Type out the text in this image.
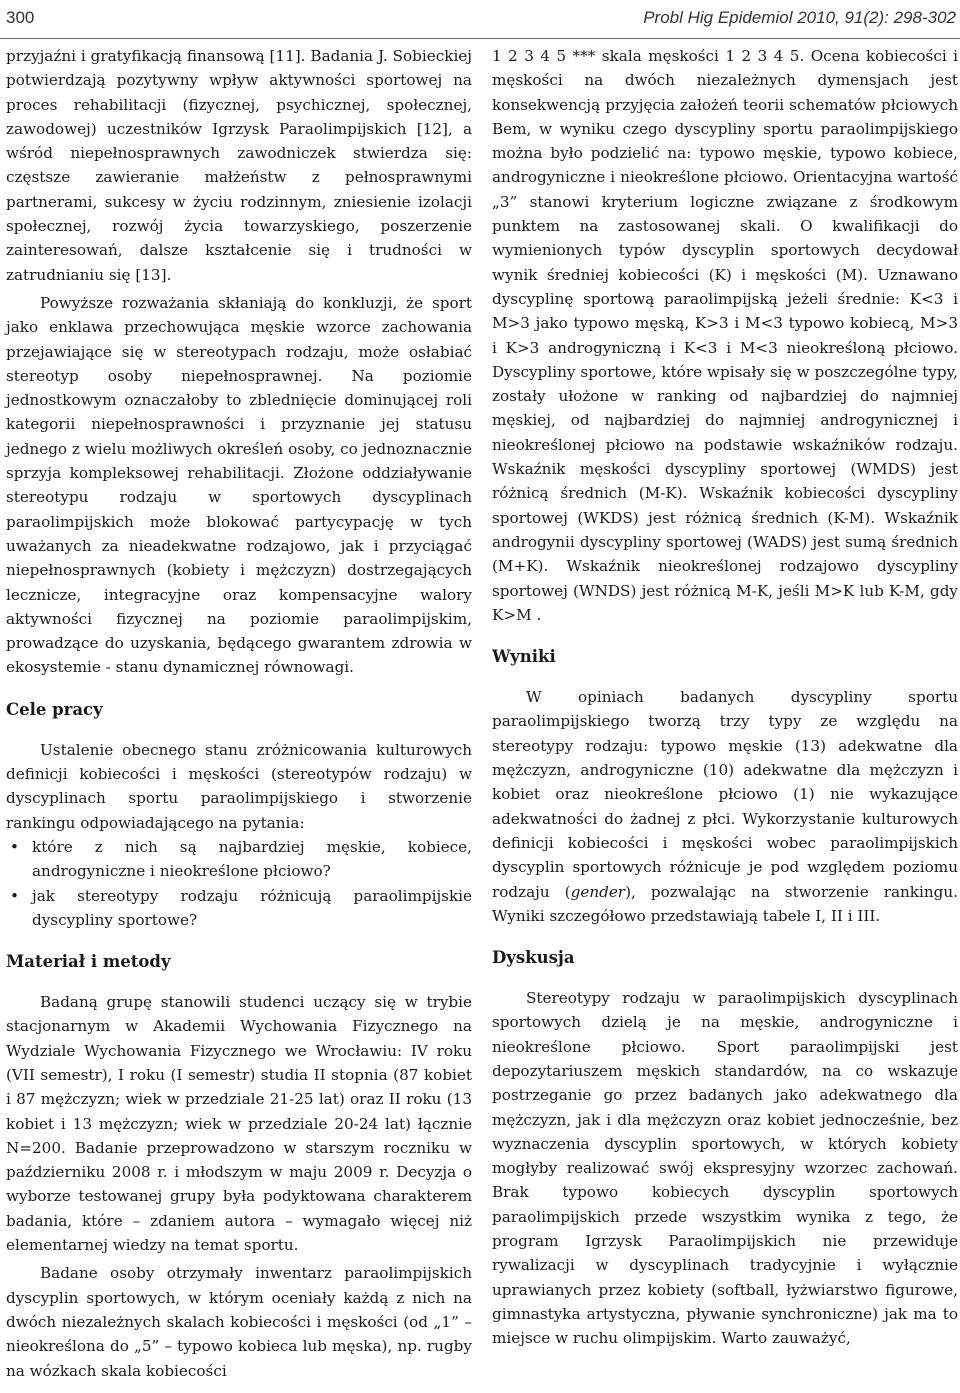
300	Probl Hig Epidemiol 2010, 91(2): 298-302

przyjaźni i gratyfikacją finansową [11]. Badania J. Sobieckiej potwierdzają pozytywny wpływ aktywności sportowej na proces rehabilitacji (fizycznej, psychicznej, społecznej, zawodowej) uczestników Igrzysk Paraolimpijskich [12], a wśród niepełnosprawnych zawodniczek stwierdza się: częstsze zawieranie małżeństw z pełnosprawnymi partnerami, sukcesy w życiu rodzinnym, zniesienie izolacji społecznej, rozwój życia towarzyskiego, poszerzenie zainteresowań, dalsze kształcenie się i trudności w zatrudnianiu się [13].

Powyższe rozważania skłaniają do konkluzji, że sport jako enklawa przechowująca męskie wzorce zachowania przejawiające się w stereotypach rodzaju, może osłabiać stereotyp osoby niepełnosprawnej. Na poziomie jednostkowym oznaczałoby to zblednięcie dominującej roli kategorii niepełnosprawności i przyznanie jej statusu jednego z wielu możliwych określeń osoby, co jednoznacznie sprzyja kompleksowej rehabilitacji. Złożone oddziaływanie stereotypu rodzaju w sportowych dyscyplinach paraolimpijskich może blokować partycypację w tych uważanych za nieadekwatne rodzajowo, jak i przyciągać niepełnosprawnych (kobiety i mężczyzn) dostrzegających lecznicze, integracyjne oraz kompensacyjne walory aktywności fizycznej na poziomie paraolimpijskim, prowadzące do uzyskania, będącego gwarantem zdrowia w ekosystemie - stanu dynamicznej równowagi.

Cele pracy

Ustalenie obecnego stanu zróżnicowania kulturowych definicji kobiecości i męskości (stereotypów rodzaju) w dyscyplinach sportu paraolimpijskiego i stworzenie rankingu odpowiadającego na pytania:

• które z nich są najbardziej męskie, kobiece, androgyniczne i nieokreślone płciowo?
• jak stereotypy rodzaju różnicują paraolimpijskie dyscypliny sportowe?
Materiał i metody

Badaną grupę stanowili studenci uczący się w trybie stacjonarnym w Akademii Wychowania Fizycznego na Wydziale Wychowania Fizycznego we Wrocławiu: IV roku (VII semestr), I roku (I semestr) studia II stopnia (87 kobiet i 87 mężczyzn; wiek w przedziale 21-25 lat) oraz II roku (13 kobiet i 13 mężczyzn; wiek w przedziale 20-24 lat) łącznie N=200. Badanie przeprowadzono w starszym roczniku w październiku 2008 r. i młodszym w maju 2009 r. Decyzja o wyborze testowanej grupy była podyktowana charakterem badania, które – zdaniem autora – wymagało więcej niż elementarnej wiedzy na temat sportu.

Badane osoby otrzymały inwentarz paraolimpijskich dyscyplin sportowych, w którym oceniały każdą z nich na dwóch niezależnych skalach kobiecości i męskości (od „1” – nieokreślona do „5” – typowo kobieca lub męska), np. rugby na wózkach skala kobiecości

1 2 3 4 5 *** skala męskości 1 2 3 4 5. Ocena kobiecości i męskości na dwóch niezależnych dymensjach jest konsekwencją przyjęcia założeń teorii schematów płciowych Bem, w wyniku czego dyscypliny sportu paraolimpijskiego można było podzielić na: typowo męskie, typowo kobiece, androgyniczne i nieokreślone płciowo. Orientacyjna wartość „3” stanowi kryterium logiczne związane z środkowym punktem na zastosowanej skali. O kwalifikacji do wymienionych typów dyscyplin sportowych decydował wynik średniej kobiecości (K) i męskości (M). Uznawano dyscyplinę sportową paraolimpijską jeżeli średnie: K<3 i M>3 jako typowo męską, K>3 i M<3 typowo kobiecą, M>3 i K>3 androgyniczną i K<3 i M<3 nieokreśloną płciowo. Dyscypliny sportowe, które wpisały się w poszczególne typy, zostały ułożone w ranking od najbardziej do najmniej męskiej, od najbardziej do najmniej androgynicznej i nieokreślonej płciowo na podstawie wskaźników rodzaju. Wskaźnik męskości dyscypliny sportowej (WMDS) jest różnicą średnich (M-K). Wskaźnik kobiecości dyscypliny sportowej (WKDS) jest różnicą średnich (K-M). Wskaźnik androgynii dyscypliny sportowej (WADS) jest sumą średnich (M+K). Wskaźnik nieokreślonej rodzajowo dyscypliny sportowej (WNDS) jest różnicą M-K, jeśli M>K lub K-M, gdy K>M .

Wyniki

W opiniach badanych dyscypliny sportu paraolimpijskiego tworzą trzy typy ze względu na stereotypy rodzaju: typowo męskie (13) adekwatne dla mężczyzn, androgyniczne (10) adekwatne dla mężczyzn i kobiet oraz nieokreślone płciowo (1) nie wykazujące adekwatności do żadnej z płci. Wykorzystanie kulturowych definicji kobiecości i męskości wobec paraolimpijskich dyscyplin sportowych różnicuje je pod względem poziomu rodzaju (gender), pozwalając na stworzenie rankingu. Wyniki szczegółowo przedstawiają tabele I, II i III.

Dyskusja

Stereotypy rodzaju w paraolimpijskich dyscyplinach sportowych dzielą je na męskie, androgyniczne i nieokreślone płciowo. Sport paraolimpijski jest depozytariuszem męskich standardów, na co wskazuje postrzeganie go przez badanych jako adekwatnego dla mężczyzn, jak i dla mężczyzn oraz kobiet jednocześnie, bez wyznaczenia dyscyplin sportowych, w których kobiety mogłyby realizować swój ekspresyjny wzorzec zachowań. Brak typowo kobiecych dyscyplin sportowych paraolimpijskich przede wszystkim wynika z tego, że program Igrzysk Paraolimpijskich nie przewiduje rywalizacji w dyscyplinach tradycyjnie i wyłącznie uprawianych przez kobiety (softball, łyżwiarstwo figurowe, gimnastyka artystyczna, pływanie synchroniczne) jak ma to miejsce w ruchu olimpijskim. Warto zauważyć,
